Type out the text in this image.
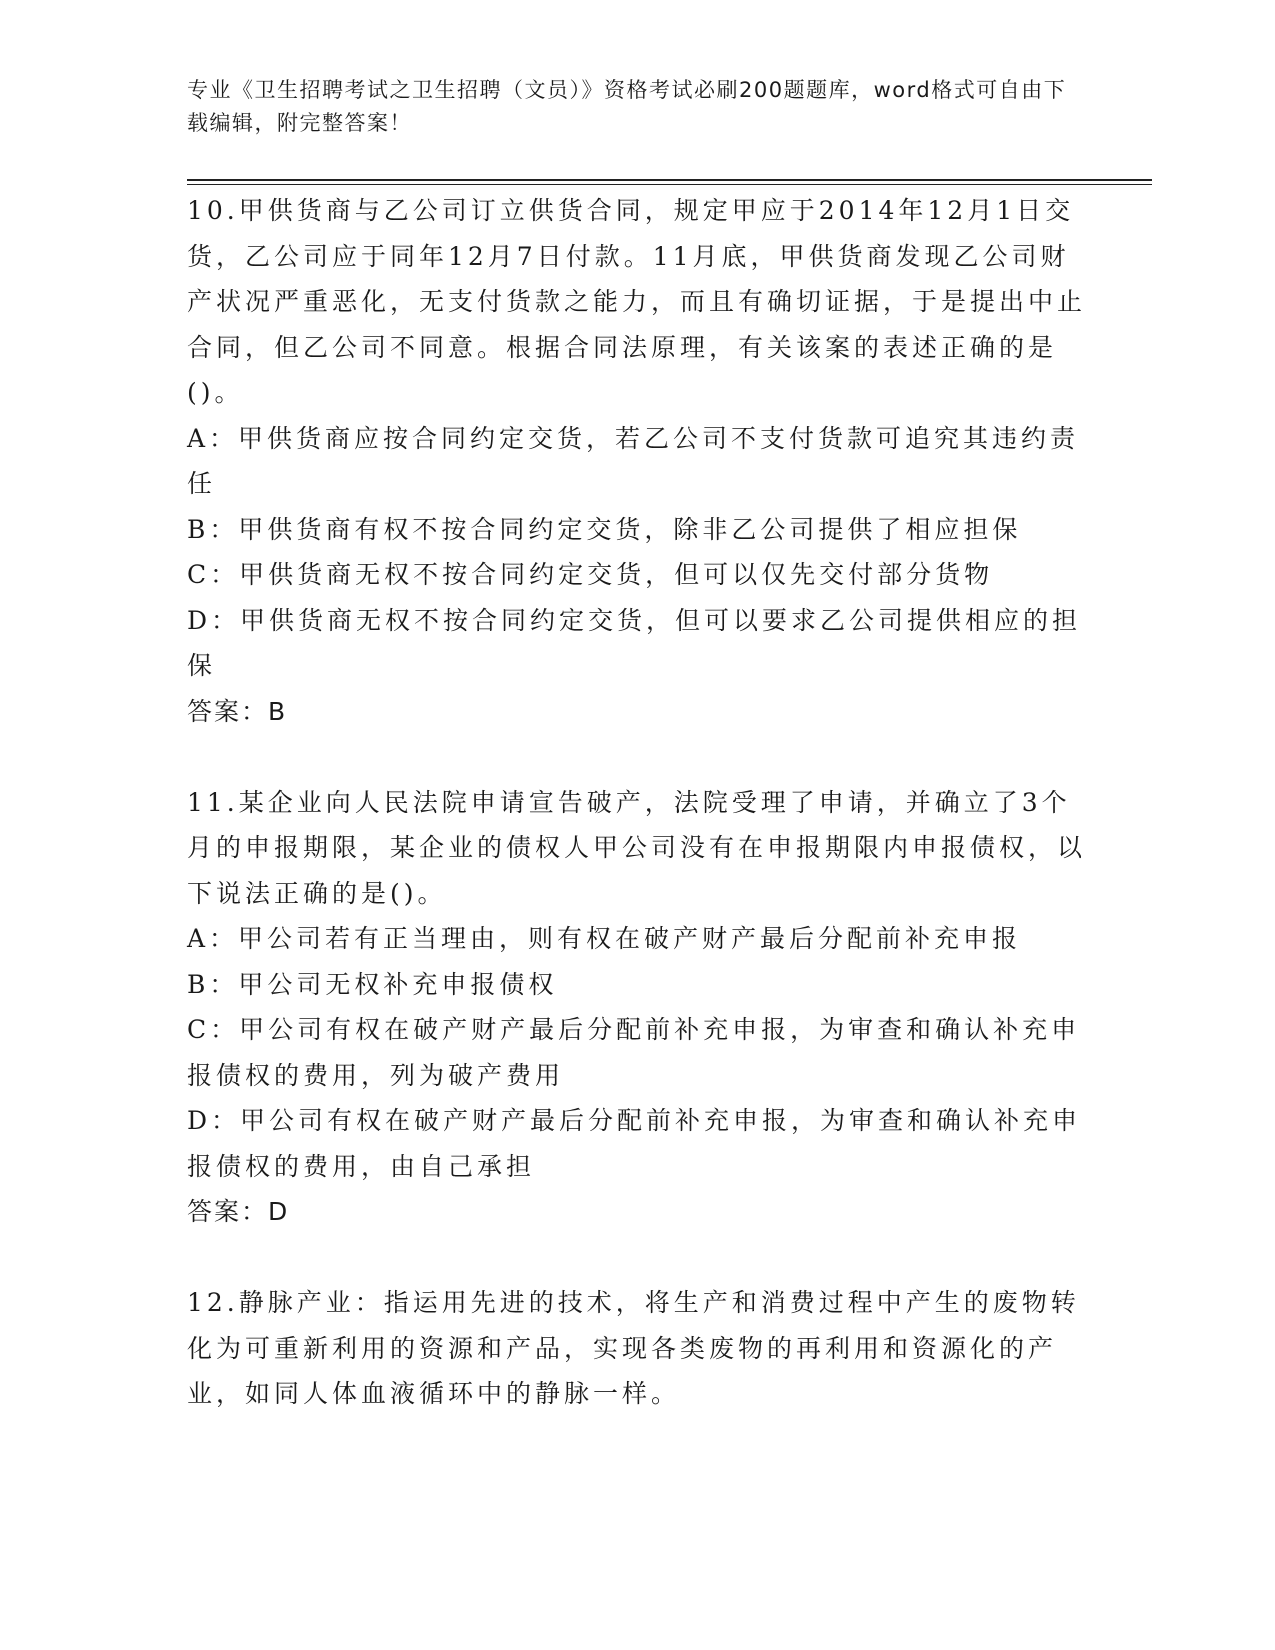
专业《卫生招聘考试之卫生招聘（文员）》资格考试必刷200题题库，word格式可自由下载编辑，附完整答案！

10.甲供货商与乙公司订立供货合同，规定甲应于2014年12月1日交货，乙公司应于同年12月7日付款。11月底，甲供货商发现乙公司财产状况严重恶化，无支付货款之能力，而且有确切证据，于是提出中止合同，但乙公司不同意。根据合同法原理，有关该案的表述正确的是()。

A：甲供货商应按合同约定交货，若乙公司不支付货款可追究其违约责任

B：甲供货商有权不按合同约定交货，除非乙公司提供了相应担保

C：甲供货商无权不按合同约定交货，但可以仅先交付部分货物

D：甲供货商无权不按合同约定交货，但可以要求乙公司提供相应的担保

答案：B

11.某企业向人民法院申请宣告破产，法院受理了申请，并确立了3个月的申报期限，某企业的债权人甲公司没有在申报期限内申报债权，以下说法正确的是()。

A：甲公司若有正当理由，则有权在破产财产最后分配前补充申报

B：甲公司无权补充申报债权

C：甲公司有权在破产财产最后分配前补充申报，为审查和确认补充申报债权的费用，列为破产费用

D：甲公司有权在破产财产最后分配前补充申报，为审查和确认补充申报债权的费用，由自己承担

答案：D

12.静脉产业：指运用先进的技术，将生产和消费过程中产生的废物转化为可重新利用的资源和产品，实现各类废物的再利用和资源化的产业，如同人体血液循环中的静脉一样。
